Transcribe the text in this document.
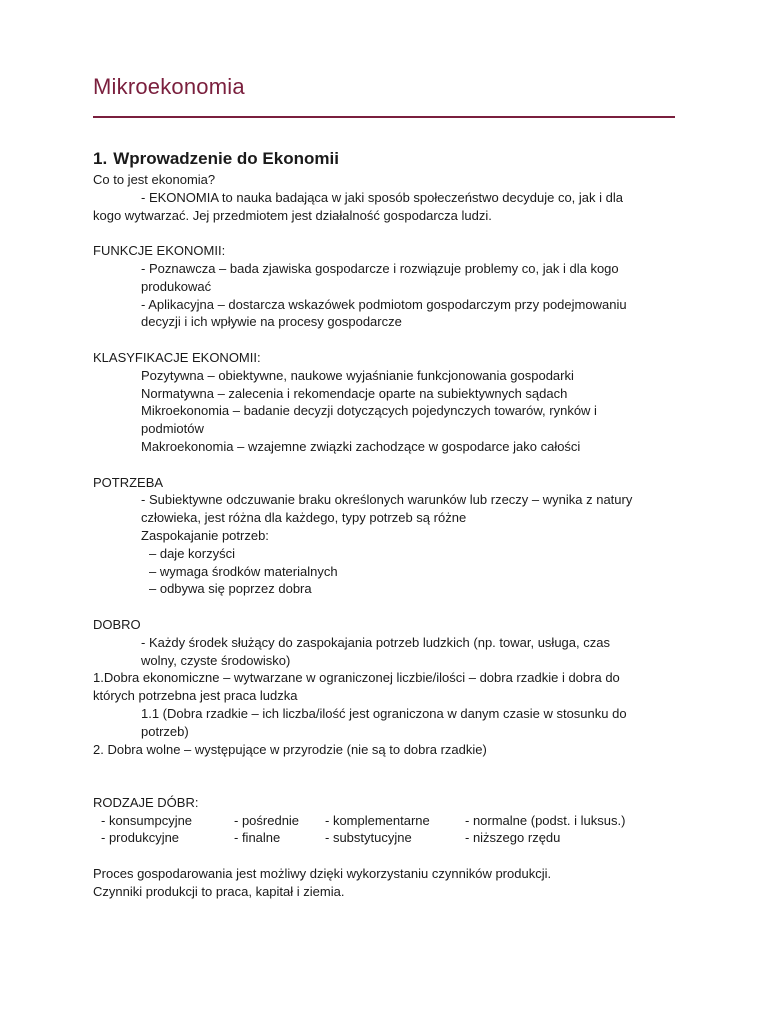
Mikroekonomia
1. Wprowadzenie do Ekonomii

Co to jest ekonomia?

- EKONOMIA to nauka badająca w jaki sposób społeczeństwo decyduje co, jak i dla

kogo wytwarzać. Jej przedmiotem jest działalność gospodarcza ludzi.

FUNKCJE EKONOMII:

- Poznawcza – bada zjawiska gospodarcze i rozwiązuje problemy co, jak i dla kogo

produkować

- Aplikacyjna – dostarcza wskazówek podmiotom gospodarczym przy podejmowaniu

decyzji i ich wpływie na procesy gospodarcze

KLASYFIKACJE EKONOMII:

Pozytywna – obiektywne, naukowe wyjaśnianie funkcjonowania gospodarki

Normatywna – zalecenia i rekomendacje oparte na subiektywnych sądach

Mikroekonomia – badanie decyzji dotyczących pojedynczych towarów, rynków i

podmiotów

Makroekonomia – wzajemne związki zachodzące w gospodarce jako całości

POTRZEBA

- Subiektywne odczuwanie braku określonych warunków lub rzeczy – wynika z natury

człowieka, jest różna dla każdego, typy potrzeb są różne

Zaspokajanie potrzeb:

– daje korzyści

– wymaga środków materialnych

– odbywa się poprzez dobra

DOBRO

- Każdy środek służący do zaspokajania potrzeb ludzkich (np. towar, usługa, czas

wolny, czyste środowisko)

1.Dobra ekonomiczne – wytwarzane w ograniczonej liczbie/ilości – dobra rzadkie i dobra do

których potrzebna jest praca ludzka

1.1 (Dobra rzadkie – ich liczba/ilość jest ograniczona w danym czasie w stosunku do

potrzeb)

2. Dobra wolne – występujące w przyrodzie (nie są to dobra rzadkie)

RODZAJE DÓBR:

- konsumpcyjne
- produkcyjne
- pośrednie
- finalne
- komplementarne
- substytucyjne
- normalne (podst. i luksus.)
- niższego rzędu

Proces gospodarowania jest możliwy dzięki wykorzystaniu czynników produkcji.

Czynniki produkcji to praca, kapitał i ziemia.
